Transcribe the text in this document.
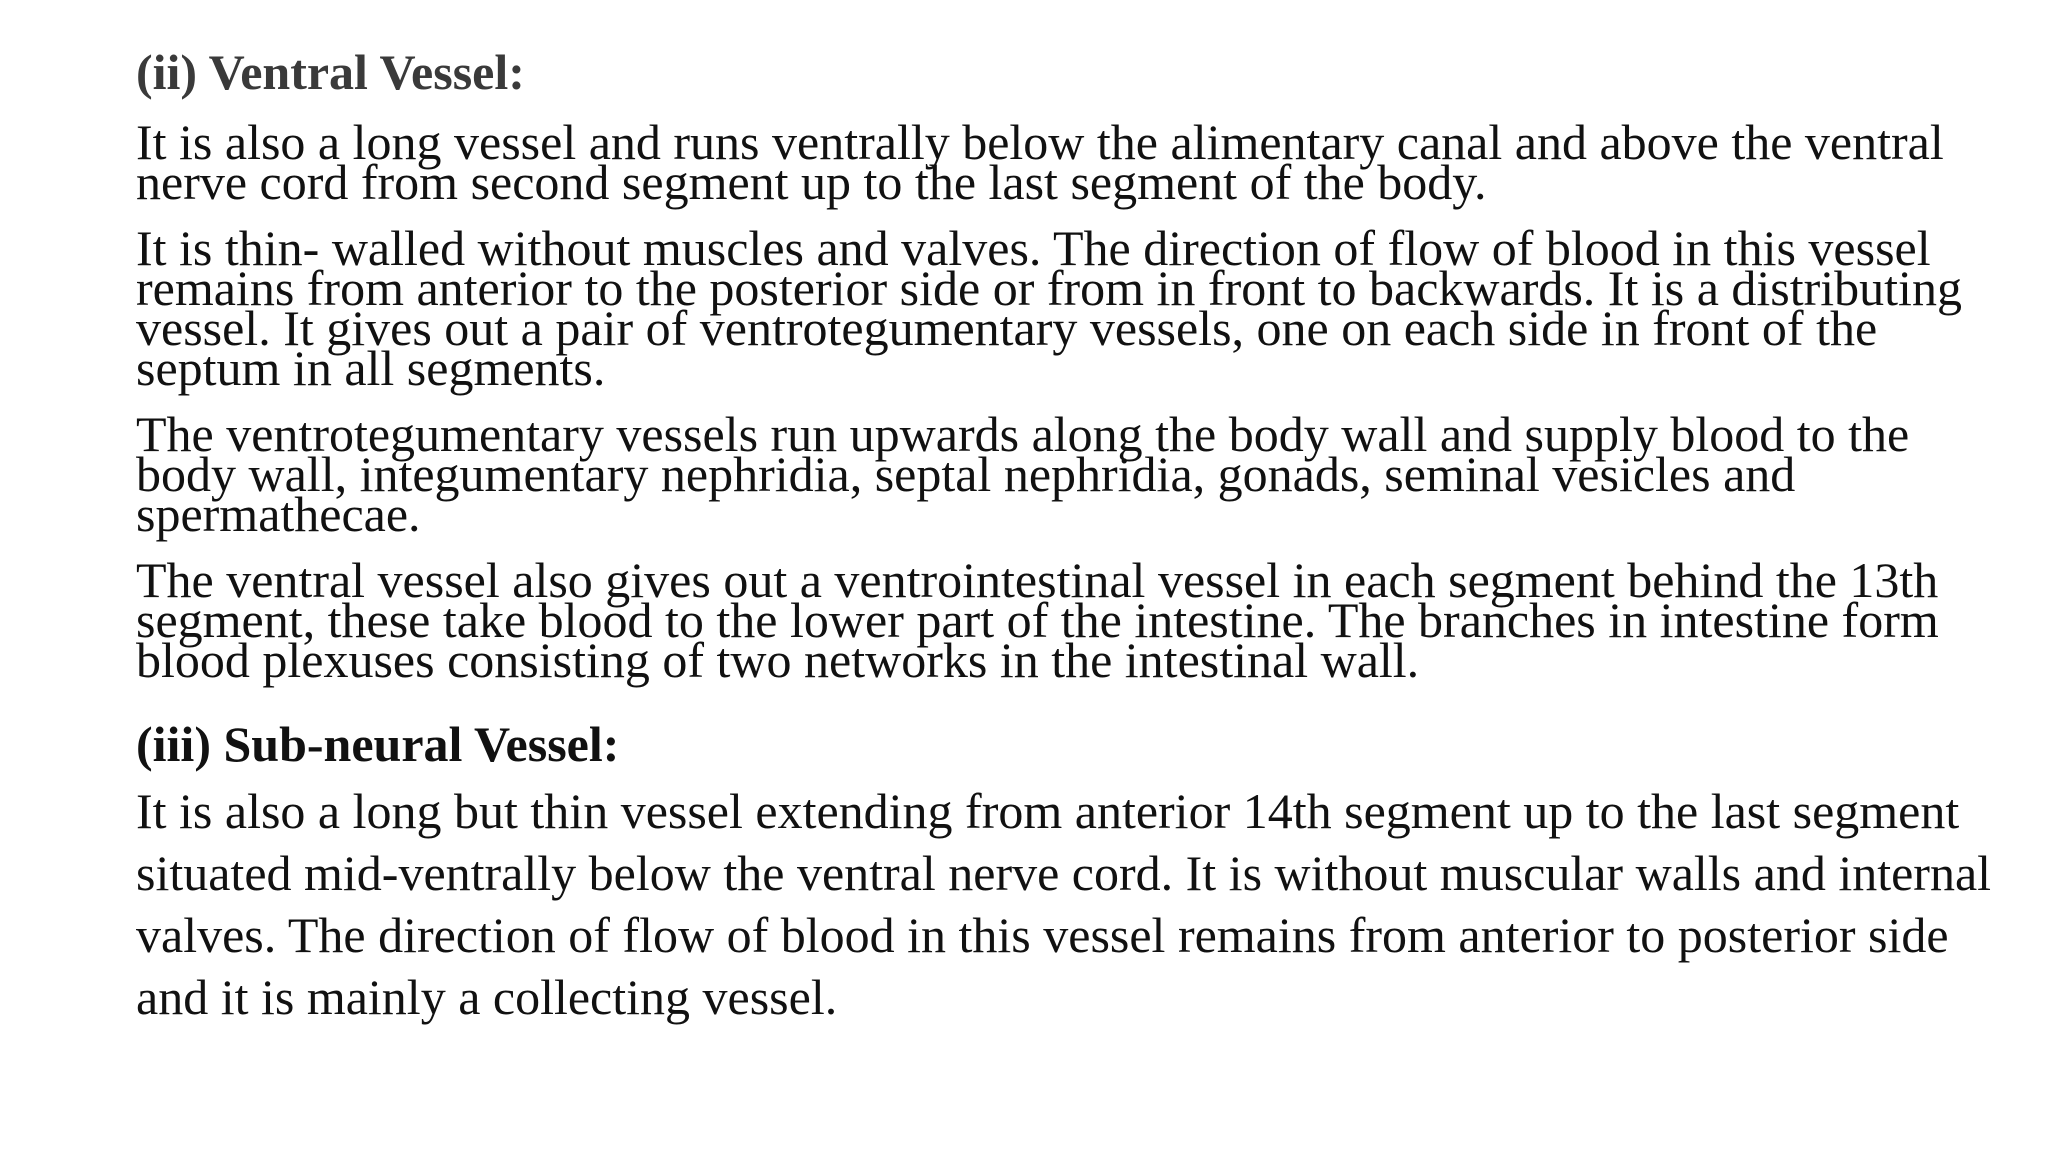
(ii) Ventral Vessel:

It is also a long vessel and runs ventrally below the alimentary canal and above the ventral nerve cord from second segment up to the last segment of the body.

It is thin- walled without muscles and valves. The direction of flow of blood in this vessel remains from anterior to the posterior side or from in front to backwards. It is a distributing vessel. It gives out a pair of ventrotegumentary vessels, one on each side in front of the septum in all segments.

The ventrotegumentary vessels run upwards along the body wall and supply blood to the body wall, integumentary nephridia, septal nephridia, gonads, seminal vesicles and spermathecae.

The ventral vessel also gives out a ventrointestinal vessel in each segment behind the 13th segment, these take blood to the lower part of the intestine. The branches in intestine form blood plexuses consisting of two networks in the intestinal wall.

(iii) Sub-neural Vessel:

It is also a long but thin vessel extending from anterior 14th segment up to the last segment situated mid-ventrally below the ventral nerve cord. It is without muscular walls and internal valves. The direction of flow of blood in this vessel remains from anterior to posterior side and it is mainly a collecting vessel.
